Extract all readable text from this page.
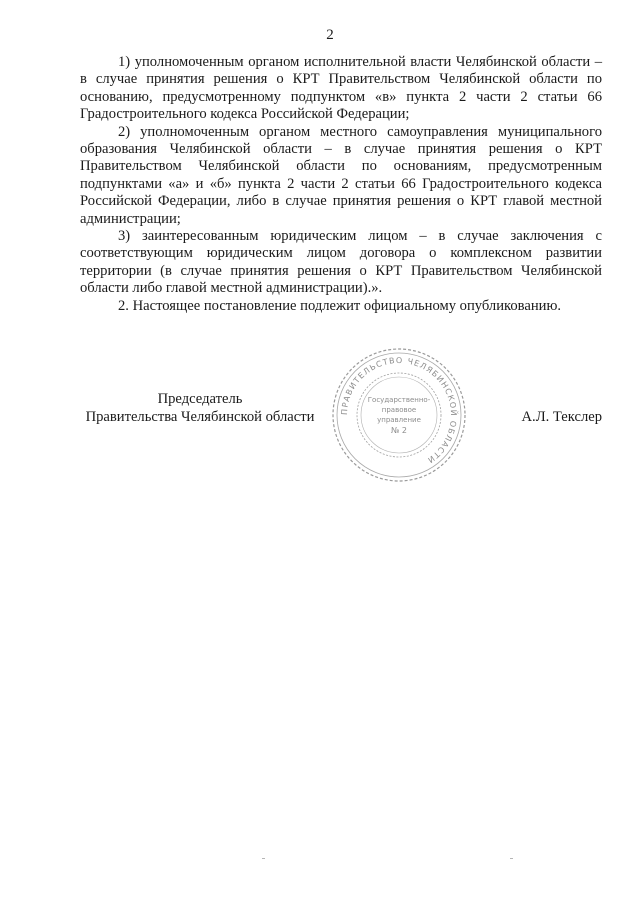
2

1) уполномоченным органом исполнительной власти Челябинской области – в случае принятия решения о КРТ Правительством Челябинской области по основанию, предусмотренному подпунктом «в» пункта 2 части 2 статьи 66 Градостроительного кодекса Российской Федерации;

2) уполномоченным органом местного самоуправления муниципального образования Челябинской области – в случае принятия решения о КРТ Правительством Челябинской области по основаниям, предусмотренным подпунктами «а» и «б» пункта 2 части 2 статьи 66 Градостроительного кодекса Российской Федерации, либо в случае принятия решения о КРТ главой местной администрации;

3) заинтересованным юридическим лицом – в случае заключения с соответствующим юридическим лицом договора о комплексном развитии территории (в случае принятия решения о КРТ Правительством Челябинской области либо главой местной администрации).».

2. Настоящее постановление подлежит официальному опубликованию.

Председатель
Правительства Челябинской области	А.Л. Текслер
ПРАВИТЕЛЬСТВО ЧЕЛЯБИНСКОЙ ОБЛАСТИ
Государственно-
правовое
управление
№ 2
